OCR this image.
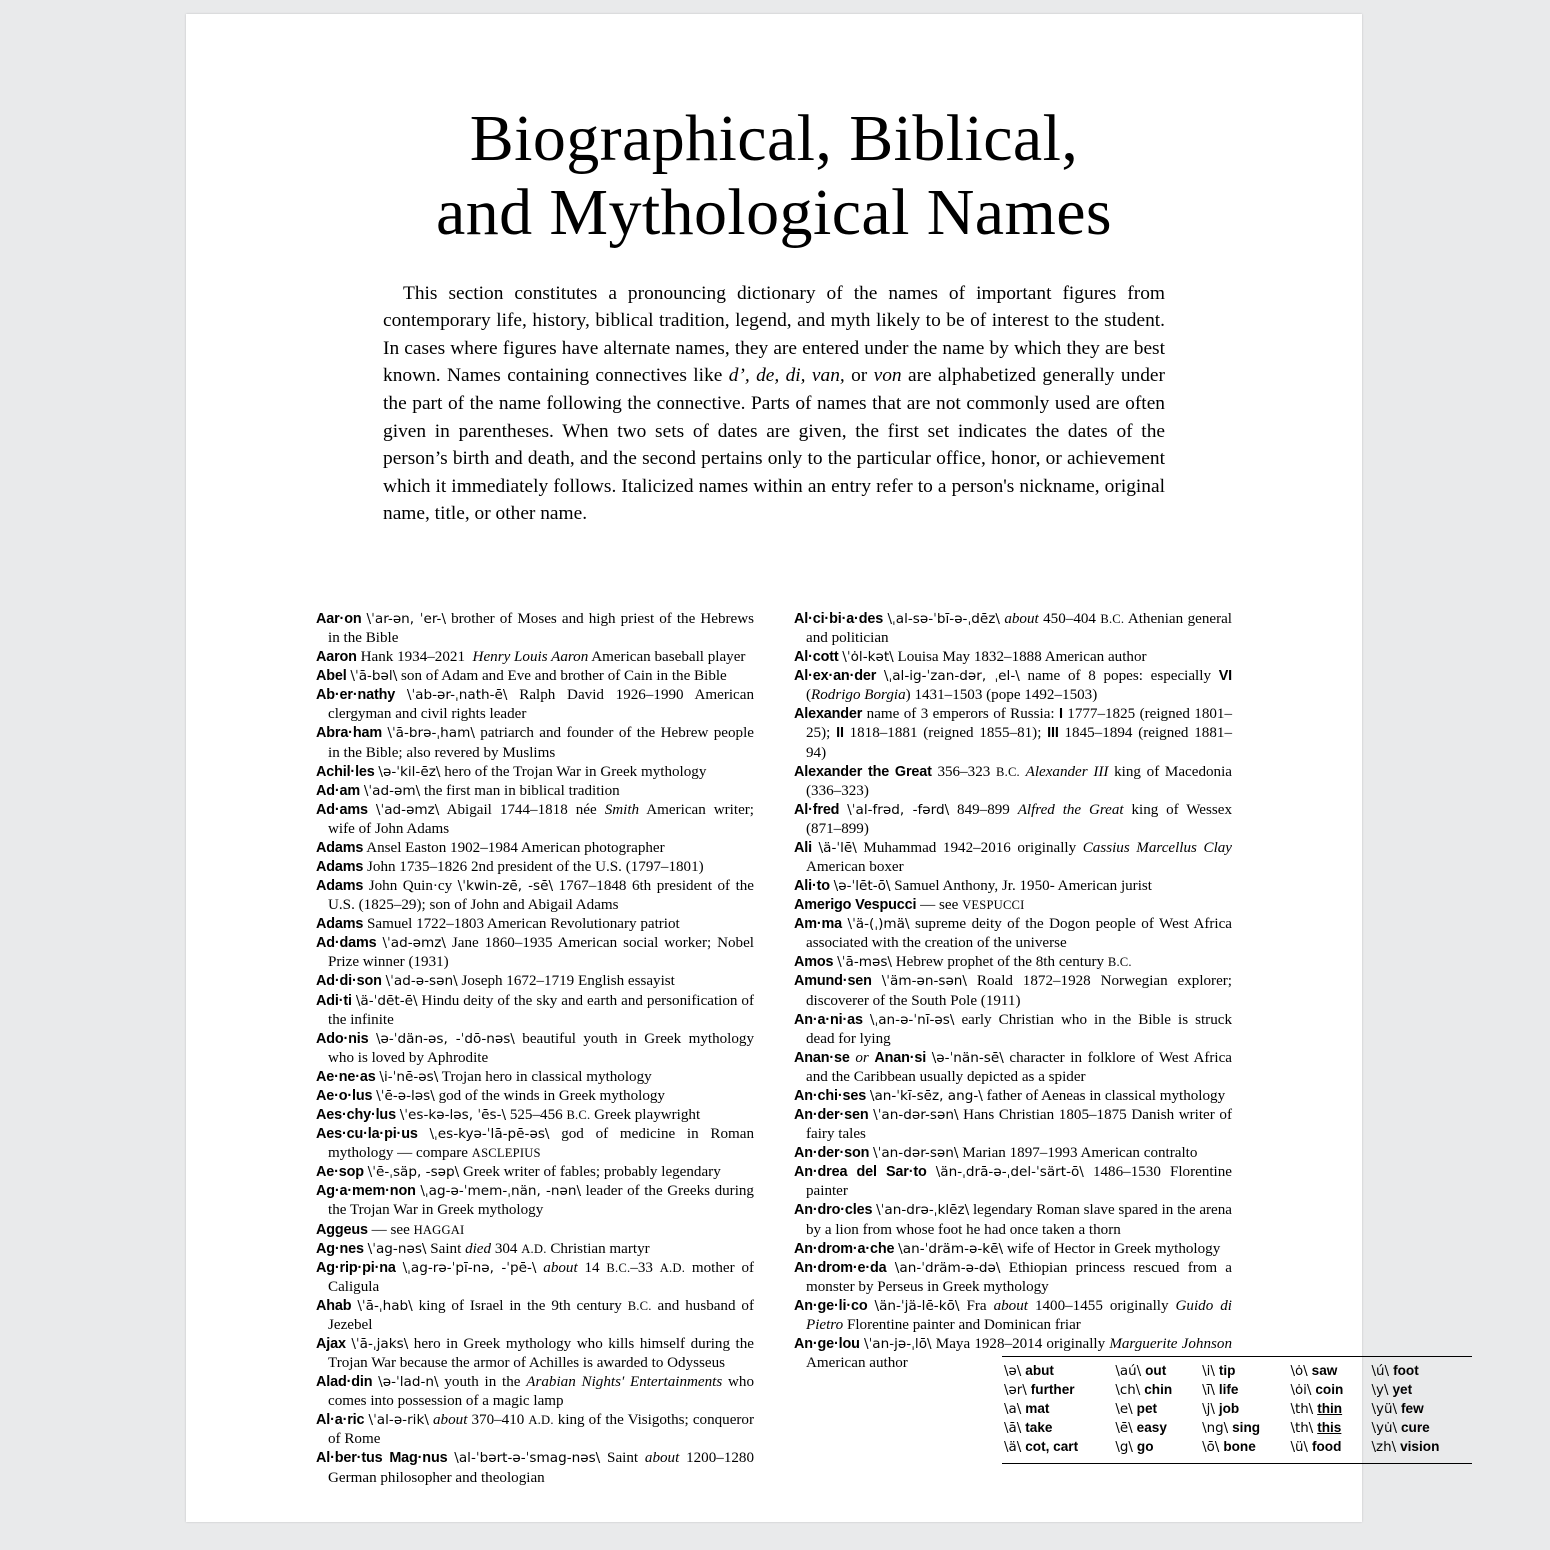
Biographical, Biblical,
and Mythological Names

This section constitutes a pronouncing dictionary of the names of important figures from contemporary life, history, biblical tradition, legend, and myth likely to be of interest to the student. In cases where figures have alternate names, they are entered under the name by which they are best known. Names containing connectives like d’, de, di, van, or von are alphabetized generally under the part of the name following the connective. Parts of names that are not commonly used are often given in parentheses. When two sets of dates are given, the first set indicates the dates of the person’s birth and death, and the second pertains only to the particular office, honor, or achievement which it immediately follows. Italicized names within an entry refer to a person's nickname, original name, title, or other name.

Aar·on \ˈar-ən, ˈer-\ brother of Moses and high priest of the Hebrews in the Bible

Aaron Hank 1934–2021  Henry Louis Aaron American baseball player

Abel \ˈā-bəl\ son of Adam and Eve and brother of Cain in the Bible

Ab·er·nathy \ˈab-ər-ˌnath-ē\ Ralph David 1926–1990 American clergyman and civil rights leader

Abra·ham \ˈā-brə-ˌham\ patriarch and founder of the Hebrew people in the Bible; also revered by Muslims

Achil·les \ə-ˈkil-ēz\ hero of the Trojan War in Greek mythology

Ad·am \ˈad-əm\ the first man in biblical tradition

Ad·ams \ˈad-əmz\ Abigail 1744–1818 née Smith American writer; wife of John Adams

Adams Ansel Easton 1902–1984 American photographer

Adams John 1735–1826 2nd president of the U.S. (1797–1801)

Adams John Quin·cy \ˈkwin-zē, -sē\ 1767–1848 6th president of the U.S. (1825–29); son of John and Abigail Adams

Adams Samuel 1722–1803 American Revolutionary patriot

Ad·dams \ˈad-əmz\ Jane 1860–1935 American social worker; Nobel Prize winner (1931)

Ad·di·son \ˈad-ə-sən\ Joseph 1672–1719 English essayist

Adi·ti \ä-ˈdēt-ē\ Hindu deity of the sky and earth and personification of the infinite

Ado·nis \ə-ˈdän-əs, -ˈdō-nəs\ beautiful youth in Greek mythology who is loved by Aphrodite

Ae·ne·as \i-ˈnē-əs\ Trojan hero in classical mythology

Ae·o·lus \ˈē-ə-ləs\ god of the winds in Greek mythology

Aes·chy·lus \ˈes-kə-ləs, ˈēs-\ 525–456 B.C. Greek playwright

Aes·cu·la·pi·us \ˌes-kyə-ˈlā-pē-əs\ god of medicine in Roman mythology — compare ASCLEPIUS

Ae·sop \ˈē-ˌsäp, -səp\ Greek writer of fables; probably legendary

Ag·a·mem·non \ˌag-ə-ˈmem-ˌnän, -nən\ leader of the Greeks during the Trojan War in Greek mythology

Aggeus — see HAGGAI

Ag·nes \ˈag-nəs\ Saint died 304 A.D. Christian martyr

Ag·rip·pi·na \ˌag-rə-ˈpī-nə, -ˈpē-\ about 14 B.C.–33 A.D. mother of Caligula

Ahab \ˈā-ˌhab\ king of Israel in the 9th century B.C. and husband of Jezebel

Ajax \ˈā-ˌjaks\ hero in Greek mythology who kills himself during the Trojan War because the armor of Achilles is awarded to Odysseus

Alad·din \ə-ˈlad-n\ youth in the Arabian Nights' Entertainments who comes into possession of a magic lamp

Al·a·ric \ˈal-ə-rik\ about 370–410 A.D. king of the Visigoths; conqueror of Rome

Al·ber·tus Mag·nus \al-ˈbərt-ə-ˈsmag-nəs\ Saint about 1200–1280 German philosopher and theologian

Al·ci·bi·a·des \ˌal-sə-ˈbī-ə-ˌdēz\ about 450–404 B.C. Athenian general and politician

Al·cott \ˈȯl-kət\ Louisa May 1832–1888 American author

Al·ex·an·der \ˌal-ig-ˈzan-dər, ˌel-\ name of 8 popes: especially VI (Rodrigo Borgia) 1431–1503 (pope 1492–1503)

Alexander name of 3 emperors of Russia: I 1777–1825 (reigned 1801–25); II 1818–1881 (reigned 1855–81); III 1845–1894 (reigned 1881–94)

Alexander the Great 356–323 B.C. Alexander III king of Macedonia (336–323)

Al·fred \ˈal-frəd, -fərd\ 849–899 Alfred the Great king of Wessex (871–899)

Ali \ä-ˈlē\ Muhammad 1942–2016 originally Cassius Marcellus Clay American boxer

Ali·to \ə-ˈlēt-ō\ Samuel Anthony, Jr. 1950- American jurist

Amerigo Vespucci — see VESPUCCI

Am·ma \ˈä-(ˌ)mä\ supreme deity of the Dogon people of West Africa associated with the creation of the universe

Amos \ˈā-məs\ Hebrew prophet of the 8th century B.C.

Amund·sen \ˈäm-ən-sən\ Roald 1872–1928 Norwegian explorer; discoverer of the South Pole (1911)

An·a·ni·as \ˌan-ə-ˈnī-əs\ early Christian who in the Bible is struck dead for lying

Anan·se or Anan·si \ə-ˈnän-sē\ character in folklore of West Africa and the Caribbean usually depicted as a spider

An·chi·ses \an-ˈkī-sēz, ang-\ father of Aeneas in classical mythology

An·der·sen \ˈan-dər-sən\ Hans Christian 1805–1875 Danish writer of fairy tales

An·der·son \ˈan-dər-sən\ Marian 1897–1993 American contralto

An·drea del Sar·to \än-ˌdrā-ə-ˌdel-ˈsärt-ō\ 1486–1530 Florentine painter

An·dro·cles \ˈan-drə-ˌklēz\ legendary Roman slave spared in the arena by a lion from whose foot he had once taken a thorn

An·drom·a·che \an-ˈdräm-ə-kē\ wife of Hector in Greek mythology

An·drom·e·da \an-ˈdräm-ə-də\ Ethiopian princess rescued from a monster by Perseus in Greek mythology

An·ge·li·co \än-ˈjä-lē-kō\ Fra about 1400–1455 originally Guido di Pietro Florentine painter and Dominican friar

An·ge·lou \ˈan-jə-ˌlō\ Maya 1928–2014 originally Marguerite Johnson American author

\ə\ abut	\aú\ out	\i\ tip	\ȯ\ saw	\ú\ foot
\ər\ further	\ch\ chin	\ī\ life	\ȯi\ coin	\y\ yet
\a\ mat	\e\ pet	\j\ job	\th\ thin	\yü\ few
\ā\ take	\ē\ easy	\ng\ sing	\th\ this	\yu̇\ cure
\ä\ cot, cart	\g\ go	\ō\ bone	\ü\ food	\zh\ vision
